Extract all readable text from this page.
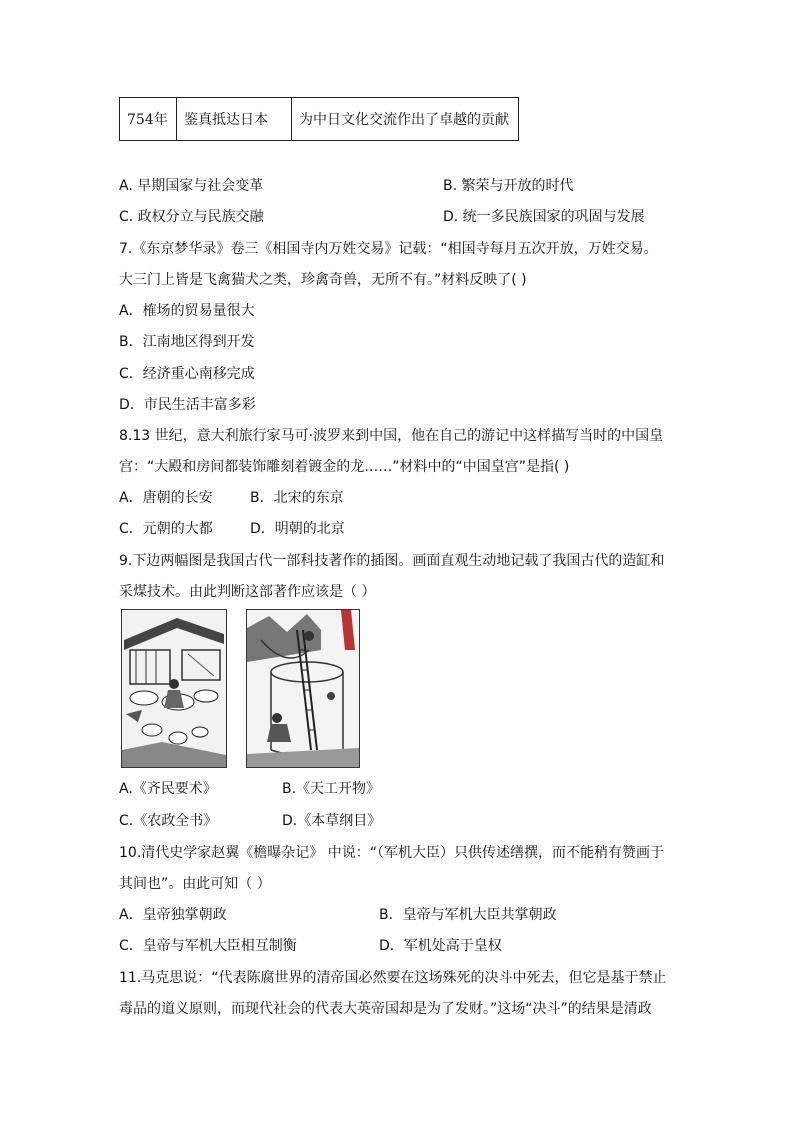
754年	鉴真抵达日本	为中日文化交流作出了卓越的贡献
A. 早期国家与社会变革	B. 繁荣与开放的时代
C. 政权分立与民族交融	D. 统一多民族国家的巩固与发展
7.《东京梦华录》卷三《相国寺内万姓交易》记载：“相国寺每月五次开放，万姓交易。
大三门上皆是飞禽猫犬之类，珍禽奇兽，无所不有。”材料反映了( )
A．榷场的贸易量很大
B．江南地区得到开发
C．经济重心南移完成
D．市民生活丰富多彩
8.13 世纪，意大利旅行家马可·波罗来到中国，他在自己的游记中这样描写当时的中国皇
宫：“大殿和房间都装饰雕刻着镀金的龙……”材料中的“中国皇宫”是指( )
A．唐朝的长安	B．北宋的东京
C．元朝的大都	D．明朝的北京
9.下边两幅图是我国古代一部科技著作的插图。画面直观生动地记载了我国古代的造缸和
采煤技术。由此判断这部著作应该是（ ）
A.《齐民要术》	B.《天工开物》
C.《农政全书》	D.《本草纲目》
10.清代史学家赵翼《檐曝杂记》 中说：“（军机大臣）只供传述缮撰，而不能稍有赞画于
其间也”。由此可知（ ）
A．皇帝独掌朝政	B．皇帝与军机大臣共掌朝政
C．皇帝与军机大臣相互制衡	D．军机处高于皇权
11.马克思说：“代表陈腐世界的清帝国必然要在这场殊死的决斗中死去，但它是基于禁止
毒品的道义原则，而现代社会的代表大英帝国却是为了发财。”这场“决斗”的结果是清政
